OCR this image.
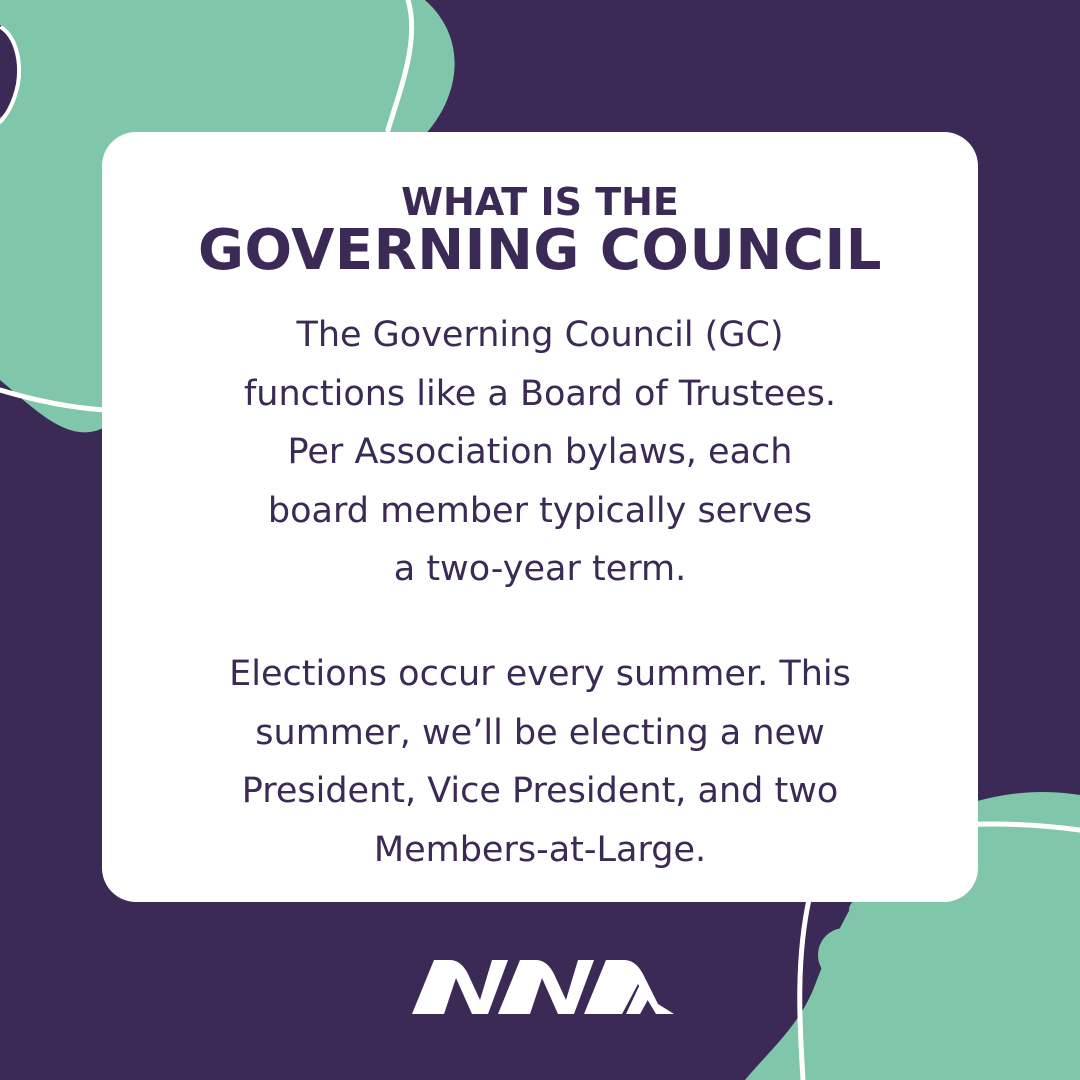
WHAT IS THE
GOVERNING COUNCIL
The Governing Council (GC)
functions like a Board of Trustees.
Per Association bylaws, each
board member typically serves
a two-year term.
Elections occur every summer. This
summer, we’ll be electing a new
President, Vice President, and two
Members-at-Large.
